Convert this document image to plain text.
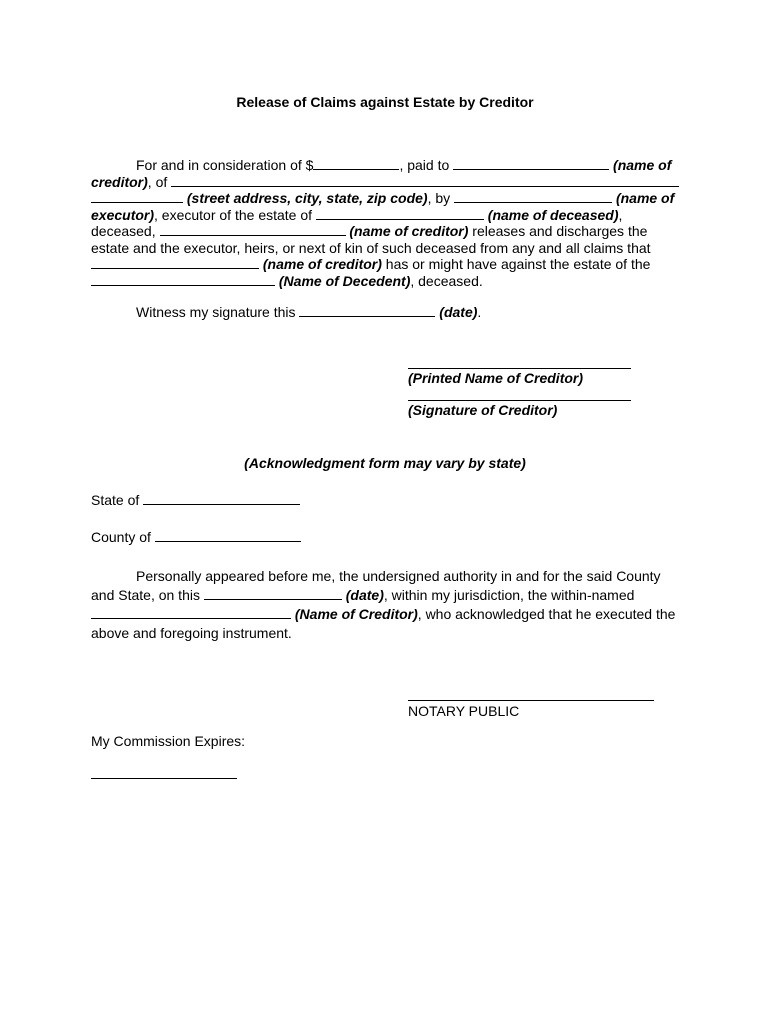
Release of Claims against Estate by Creditor
For and in consideration of $	, paid to	(name of
creditor), of
(street address, city, state, zip code), by	(name of
executor), executor of the estate of	(name of deceased),
deceased,	(name of creditor) releases and discharges the
estate and the executor, heirs, or next of kin of such deceased from any and all claims that
(name of creditor) has or might have against the estate of the
(Name of Decedent), deceased.
Witness my signature this	(date).
(Printed Name of Creditor)
(Signature of Creditor)
(Acknowledgment form may vary by state)
State of
County of
Personally appeared before me, the undersigned authority in and for the said County
and State, on this	(date), within my jurisdiction, the within-named
(Name of Creditor), who acknowledged that he executed the
above and foregoing instrument.
NOTARY PUBLIC
My Commission Expires:
